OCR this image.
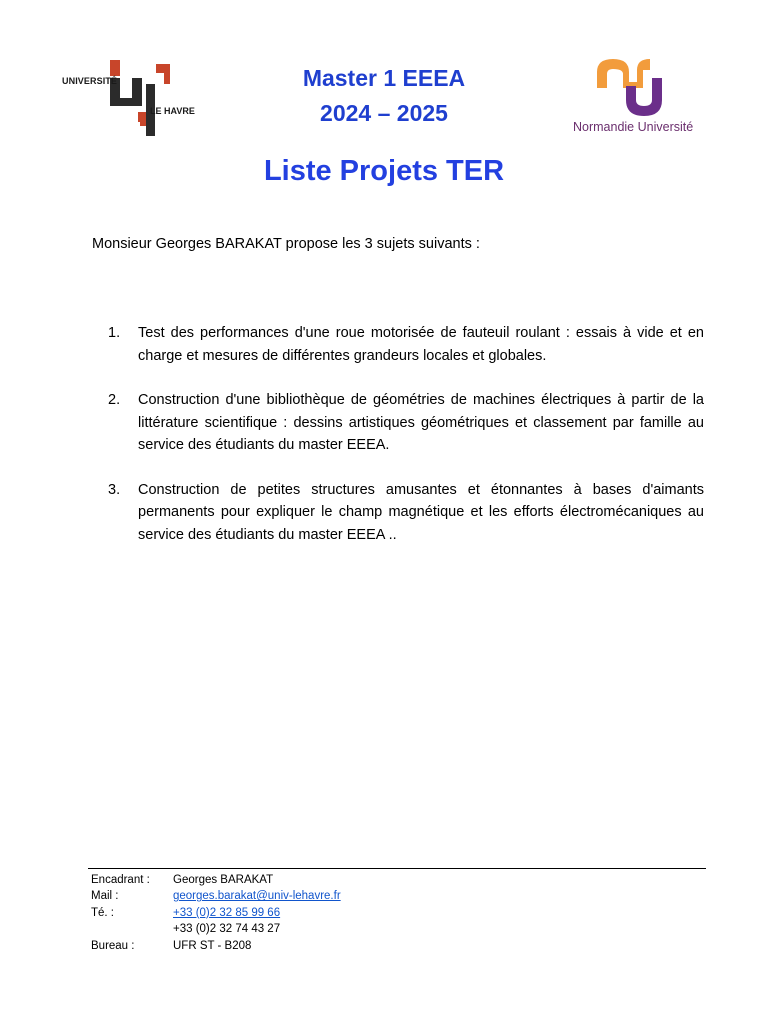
UNIVERSITÉ
LE HAVRE
Master 1 EEEA
2024 – 2025
Normandie Université
Liste Projets TER
Monsieur Georges BARAKAT propose les 3 sujets suivants :
1. Test des performances d'une roue motorisée de fauteuil roulant : essais à vide et en charge et mesures de différentes grandeurs locales et globales.
2. Construction d'une bibliothèque de géométries de machines électriques à partir de la littérature scientifique : dessins artistiques géométriques et classement par famille au service des étudiants du master EEEA.
3. Construction de petites structures amusantes et étonnantes à bases d'aimants permanents pour expliquer le champ magnétique et les efforts électromécaniques au service des étudiants du master EEEA ..
Encadrant :	Georges BARAKAT
Mail :	georges.barakat@univ-lehavre.fr
Té. :	+33 (0)2 32 85 99 66
+33 (0)2 32 74 43 27
Bureau :	UFR ST - B208
